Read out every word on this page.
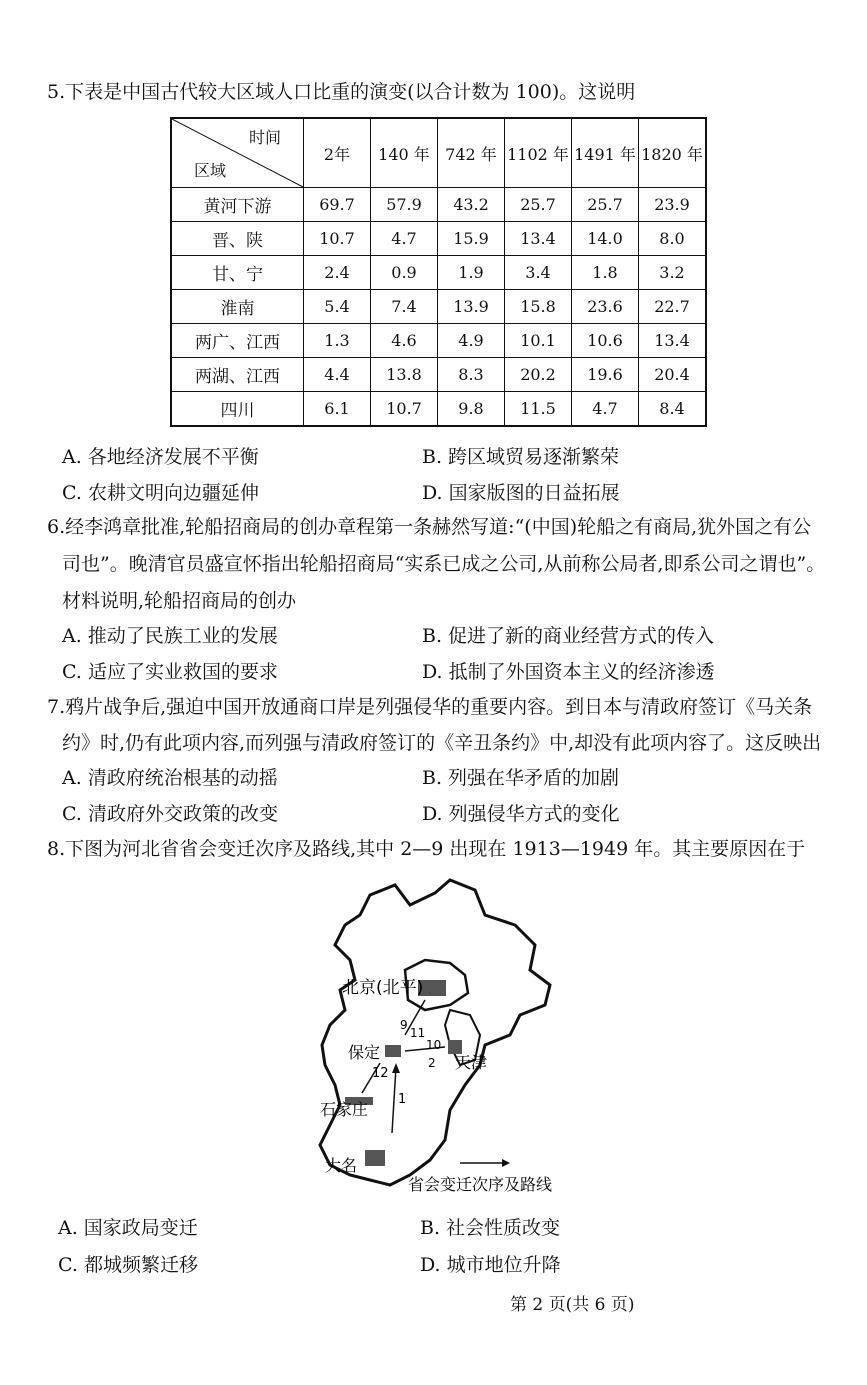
5.下表是中国古代较大区域人口比重的演变(以合计数为 100)。这说明
时间
区域	2年	140 年	742 年	1102 年	1491 年	1820 年
黄河下游	69.7	57.9	43.2	25.7	25.7	23.9
晋、陕	10.7	4.7	15.9	13.4	14.0	8.0
甘、宁	2.4	0.9	1.9	3.4	1.8	3.2
淮南	5.4	7.4	13.9	15.8	23.6	22.7
两广、江西	1.3	4.6	4.9	10.1	10.6	13.4
两湖、江西	4.4	13.8	8.3	20.2	19.6	20.4
四川	6.1	10.7	9.8	11.5	4.7	8.4
A. 各地经济发展不平衡	B. 跨区域贸易逐渐繁荣
C. 农耕文明向边疆延伸	D. 国家版图的日益拓展
6.经李鸿章批准,轮船招商局的创办章程第一条赫然写道:“(中国)轮船之有商局,犹外国之有公
司也”。晚清官员盛宣怀指出轮船招商局“实系已成之公司,从前称公局者,即系公司之谓也”。
材料说明,轮船招商局的创办
A. 推动了民族工业的发展	B. 促进了新的商业经营方式的传入
C. 适应了实业救国的要求	D. 抵制了外国资本主义的经济渗透
7.鸦片战争后,强迫中国开放通商口岸是列强侵华的重要内容。到日本与清政府签订《马关条
约》时,仍有此项内容,而列强与清政府签订的《辛丑条约》中,却没有此项内容了。这反映出
A. 清政府统治根基的动摇	B. 列强在华矛盾的加剧
C. 清政府外交政策的改变	D. 列强侵华方式的变化
8.下图为河北省省会变迁次序及路线,其中 2—9 出现在 1913—1949 年。其主要原因在于
北京(北平)
保定
天津
石家庄
大名
1
2
12
10
11
9
省会变迁次序及路线
A. 国家政局变迁	B. 社会性质改变
C. 都城频繁迁移	D. 城市地位升降
第 2 页(共 6 页)
